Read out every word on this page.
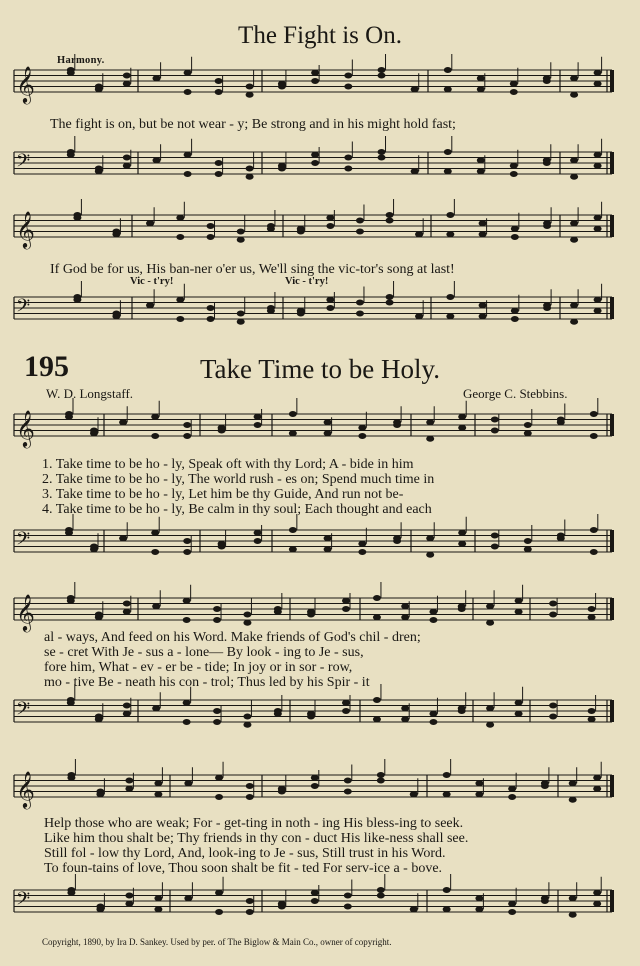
𝄞
𝄢
𝄞
𝄢
𝄞
𝄢
𝄞
𝄢
𝄞
𝄢
The Fight is On.
Harmony.
The fight is on, but be not wear - y; Be strong and in his might hold fast;
If God be for us, His ban-ner o'er us, We'll sing the vic-tor's song at last!
Vic - t'ry!	Vic - t'ry!
195	Take Time to be Holy.
W. D. Longstaff.	George C. Stebbins.
1. Take time to be ho - ly, Speak oft with thy Lord; A - bide in him
2. Take time to be ho - ly, The world rush - es on; Spend much time in
3. Take time to be ho - ly, Let him be thy Guide, And run not be-
4. Take time to be ho - ly, Be calm in thy soul; Each thought and each
al - ways, And feed on his Word. Make friends of God's chil - dren;
se - cret With Je - sus a - lone— By look - ing to Je - sus,
fore him, What - ev - er be - tide; In joy or in sor - row,
mo - tive Be - neath his con - trol; Thus led by his Spir - it
Help those who are weak; For - get-ting in noth - ing His bless-ing to seek.
Like him thou shalt be; Thy friends in thy con - duct His like-ness shall see.
Still fol - low thy Lord, And, look-ing to Je - sus, Still trust in his Word.
To foun-tains of love, Thou soon shalt be fit - ted For serv-ice a - bove.
Copyright, 1890, by Ira D. Sankey. Used by per. of The Biglow & Main Co., owner of copyright.
